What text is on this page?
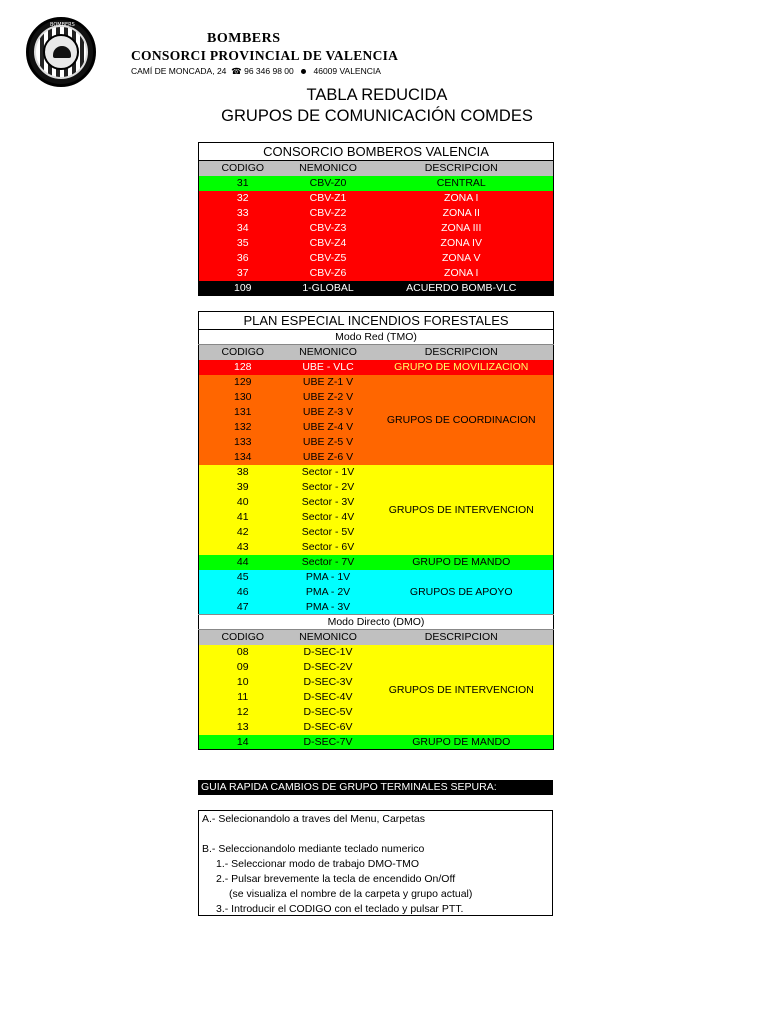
BOMBERS
BOMBERS
CONSORCI PROVINCIAL DE VALENCIA
CAMÍ DE MONCADA, 24 ☎ 96 346 98 00 46009 VALENCIA
TABLA REDUCIDA
GRUPOS DE COMUNICACIÓN COMDES
CONSORCIO BOMBEROS VALENCIA		
CODIGO	NEMONICO	DESCRIPCION
31	CBV-Z0	CENTRAL
32	CBV-Z1	ZONA I
33	CBV-Z2	ZONA II
34	CBV-Z3	ZONA III
35	CBV-Z4	ZONA IV
36	CBV-Z5	ZONA V
37	CBV-Z6	ZONA I
109	1-GLOBAL	ACUERDO BOMB-VLC
PLAN ESPECIAL INCENDIOS FORESTALES		
Modo Red (TMO)		
CODIGO	NEMONICO	DESCRIPCION
128	UBE - VLC	GRUPO DE MOVILIZACION
129	UBE Z-1 V	GRUPOS DE COORDINACION
130	UBE Z-2 V	
131	UBE Z-3 V	
132	UBE Z-4 V	
133	UBE Z-5 V	
134	UBE Z-6 V	
38	Sector - 1V	GRUPOS DE INTERVENCION
39	Sector - 2V	
40	Sector - 3V	
41	Sector - 4V	
42	Sector - 5V	
43	Sector - 6V	
44	Sector - 7V	GRUPO DE MANDO
45	PMA - 1V	GRUPOS DE APOYO
46	PMA - 2V	
47	PMA - 3V	
Modo Directo (DMO)		
CODIGO	NEMONICO	DESCRIPCION
08	D-SEC-1V	GRUPOS DE INTERVENCION
09	D-SEC-2V	
10	D-SEC-3V	
11	D-SEC-4V	
12	D-SEC-5V	
13	D-SEC-6V	
14	D-SEC-7V	GRUPO DE MANDO
GUIA RAPIDA CAMBIOS DE GRUPO TERMINALES SEPURA:
A.- Selecionandolo a traves del Menu, Carpetas
B.- Seleccionandolo mediante teclado numerico
1.- Seleccionar modo de trabajo DMO-TMO
2.- Pulsar brevemente la tecla de encendido On/Off
(se visualiza el nombre de la carpeta y grupo actual)
3.- Introducir el CODIGO con el teclado y pulsar PTT.
